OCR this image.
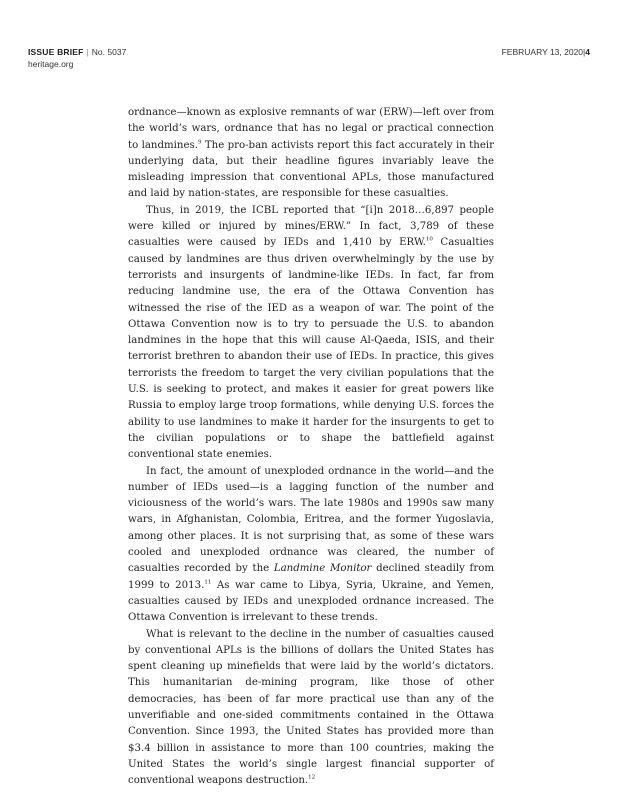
ISSUE BRIEF | No. 5037
heritage.org
FEBRUARY 13, 2020|4

ordnance—known as explosive remnants of war (ERW)—left over from the world’s wars, ordnance that has no legal or practical connection to landmines.$^9$ The pro-ban activists report this fact accurately in their underlying data, but their headline figures invariably leave the misleading impression that conventional APLs, those manufactured and laid by nation-states, are responsible for these casualties.

Thus, in 2019, the ICBL reported that “[i]n 2018…6,897 people were killed or injured by mines/ERW.” In fact, 3,789 of these casualties were caused by IEDs and 1,410 by ERW.$^{10}$ Casualties caused by landmines are thus driven overwhelmingly by the use by terrorists and insurgents of landmine-like IEDs. In fact, far from reducing landmine use, the era of the Ottawa Convention has witnessed the rise of the IED as a weapon of war. The point of the Ottawa Convention now is to try to persuade the U.S. to abandon landmines in the hope that this will cause Al-Qaeda, ISIS, and their terrorist brethren to abandon their use of IEDs. In practice, this gives terrorists the freedom to target the very civilian populations that the U.S. is seeking to protect, and makes it easier for great powers like Russia to employ large troop formations, while denying U.S. forces the ability to use landmines to make it harder for the insurgents to get to the civilian populations or to shape the battlefield against conventional state enemies.

In fact, the amount of unexploded ordnance in the world—and the number of IEDs used—is a lagging function of the number and viciousness of the world’s wars. The late 1980s and 1990s saw many wars, in Afghanistan, Colombia, Eritrea, and the former Yugoslavia, among other places. It is not surprising that, as some of these wars cooled and unexploded ordnance was cleared, the number of casualties recorded by the Landmine Monitor declined steadily from 1999 to 2013.11 As war came to Libya, Syria, Ukraine, and Yemen, casualties caused by IEDs and unexploded ordnance increased. The Ottawa Convention is irrelevant to these trends.

What is relevant to the decline in the number of casualties caused by conventional APLs is the billions of dollars the United States has spent cleaning up minefields that were laid by the world’s dictators. This humanitarian de-mining program, like those of other democracies, has been of far more practical use than any of the unverifiable and one-sided commitments contained in the Ottawa Convention. Since 1993, the United States has provided more than $3.4 billion in assistance to more than 100 countries, making the United States the world’s single largest financial supporter of conventional weapons destruction.$^{12}$
